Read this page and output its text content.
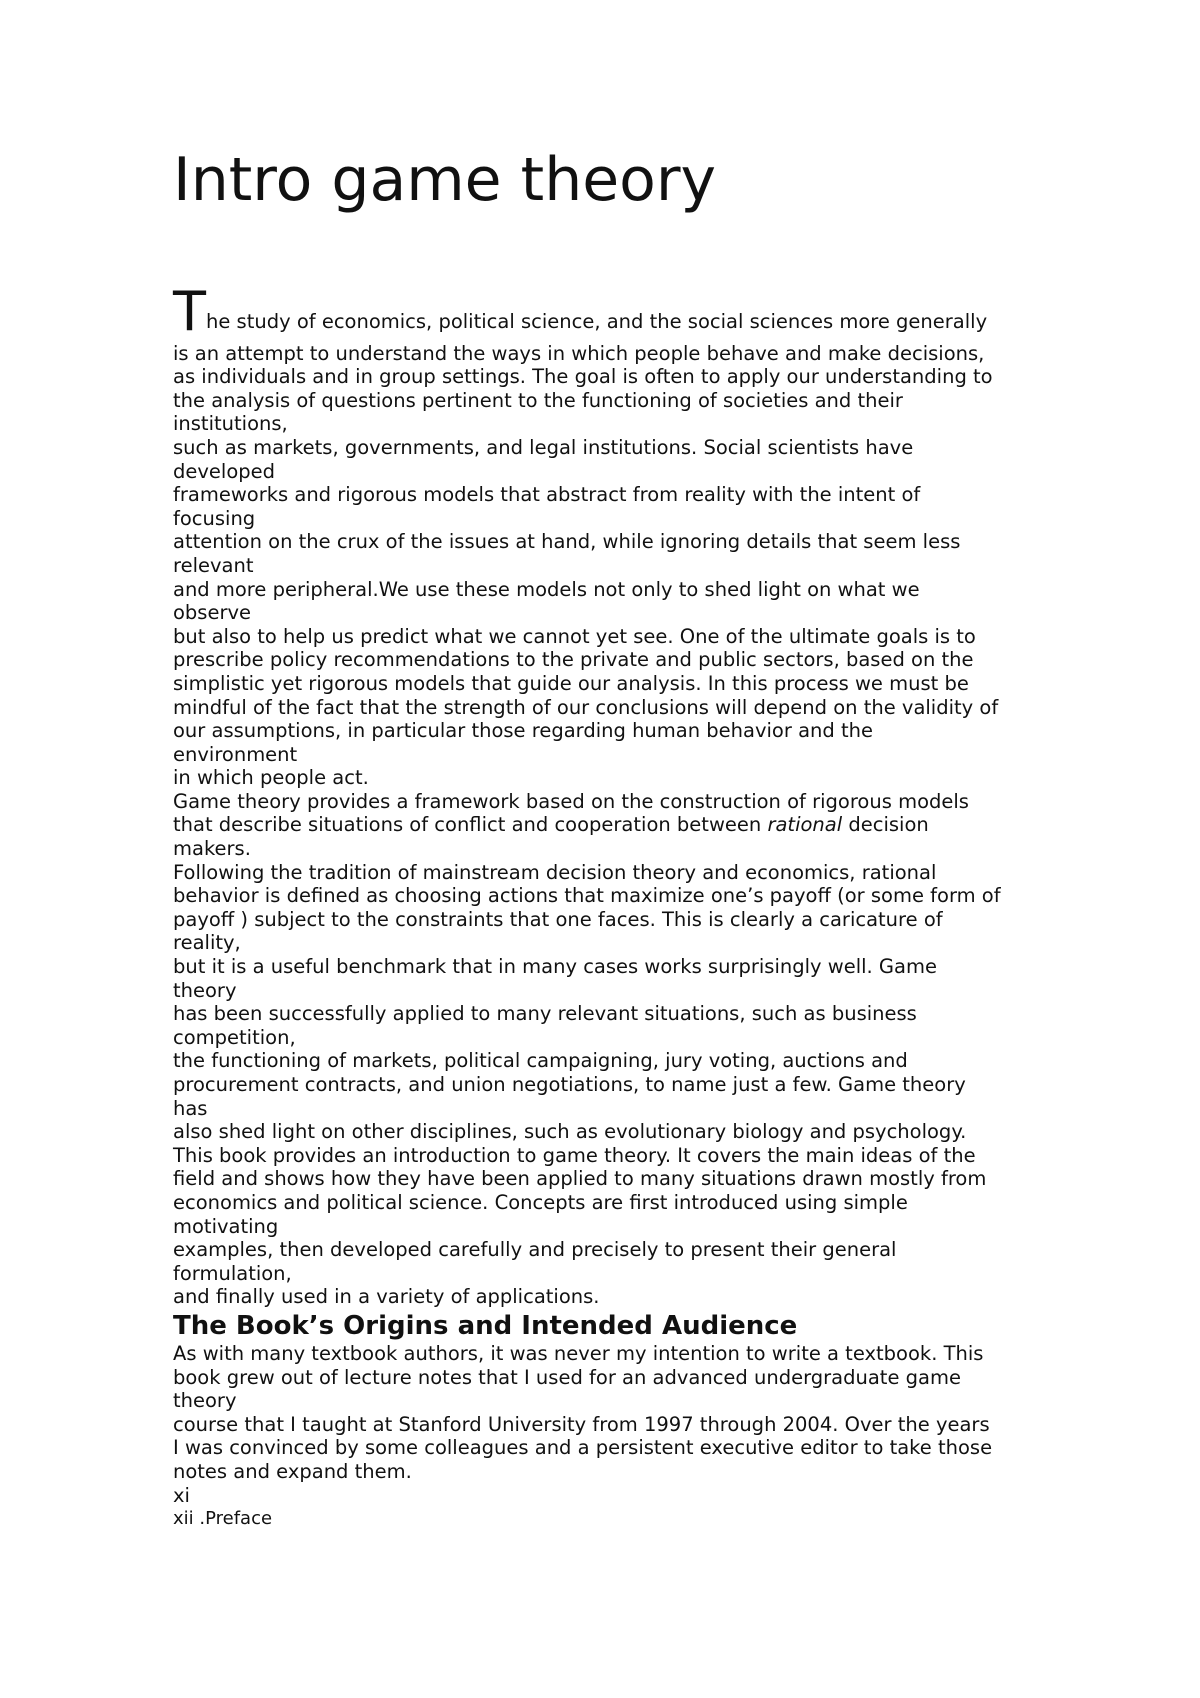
Intro game theory
The study of economics, political science, and the social sciences more generally
is an attempt to understand the ways in which people behave and make decisions,
as individuals and in group settings. The goal is often to apply our understanding to
the analysis of questions pertinent to the functioning of societies and their
institutions,
such as markets, governments, and legal institutions. Social scientists have
developed
frameworks and rigorous models that abstract from reality with the intent of
focusing
attention on the crux of the issues at hand, while ignoring details that seem less
relevant
and more peripheral.We use these models not only to shed light on what we
observe
but also to help us predict what we cannot yet see. One of the ultimate goals is to
prescribe policy recommendations to the private and public sectors, based on the
simplistic yet rigorous models that guide our analysis. In this process we must be
mindful of the fact that the strength of our conclusions will depend on the validity of
our assumptions, in particular those regarding human behavior and the
environment
in which people act.
Game theory provides a framework based on the construction of rigorous models
that describe situations of conflict and cooperation between rational decision
makers.
Following the tradition of mainstream decision theory and economics, rational
behavior is defined as choosing actions that maximize one’s payoff (or some form of
payoff ) subject to the constraints that one faces. This is clearly a caricature of
reality,
but it is a useful benchmark that in many cases works surprisingly well. Game
theory
has been successfully applied to many relevant situations, such as business
competition,
the functioning of markets, political campaigning, jury voting, auctions and
procurement contracts, and union negotiations, to name just a few. Game theory
has
also shed light on other disciplines, such as evolutionary biology and psychology.
This book provides an introduction to game theory. It covers the main ideas of the
field and shows how they have been applied to many situations drawn mostly from
economics and political science. Concepts are first introduced using simple
motivating
examples, then developed carefully and precisely to present their general
formulation,
and finally used in a variety of applications.
The Book’s Origins and Intended Audience
As with many textbook authors, it was never my intention to write a textbook. This
book grew out of lecture notes that I used for an advanced undergraduate game
theory
course that I taught at Stanford University from 1997 through 2004. Over the years
I was convinced by some colleagues and a persistent executive editor to take those
notes and expand them.
xi
xii .Preface
